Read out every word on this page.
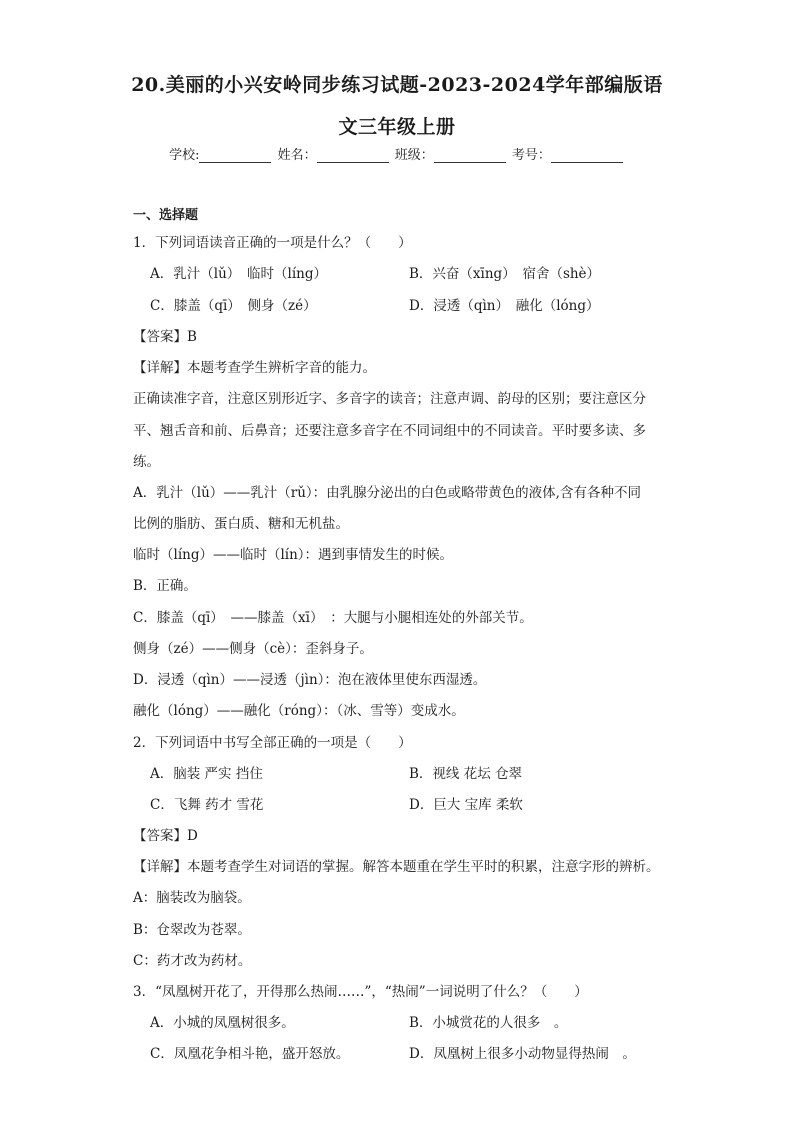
20.美丽的小兴安岭同步练习试题-2023-2024学年部编版语
文三年级上册
学校:	姓名：	班级：	考号：
一、选择题
1．下列词语读音正确的一项是什么？（　　）
A．乳汁（lǔ）　临时（líng）	B．兴奋（xīng）　宿舍（shè）
C．膝盖（qī）　侧身（zé）	D．浸透（qìn）　融化（lóng）
【答案】B
【详解】本题考查学生辨析字音的能力。
正确读准字音，注意区别形近字、多音字的读音；注意声调、韵母的区别；要注意区分
平、翘舌音和前、后鼻音；还要注意多音字在不同词组中的不同读音。平时要多读、多
练。
A．乳汁（lǔ）——乳汁（rǔ）：由乳腺分泌出的白色或略带黄色的液体,含有各种不同
比例的脂肪、蛋白质、糖和无机盐。
临时（líng）——临时（lín）：遇到事情发生的时候。
B．正确。
C．膝盖（qī）　——膝盖（xī）　：大腿与小腿相连处的外部关节。
侧身（zé）——侧身（cè）：歪斜身子。
D．浸透（qìn）——浸透（jìn）：泡在液体里使东西湿透。
融化（lóng）——融化（róng）：（冰、雪等）变成水。
2．下列词语中书写全部正确的一项是（　　）
A．脑装 严实 挡住	B．视线 花坛 仓翠
C．飞舞 药才 雪花	D．巨大 宝库 柔软
【答案】D
【详解】本题考查学生对词语的掌握。解答本题重在学生平时的积累，注意字形的辨析。
A：脑装改为脑袋。
B：仓翠改为苍翠。
C：药才改为药材。
3．“凤凰树开花了，开得那么热闹……”，“热闹”一词说明了什么？（　　）
A．小城的凤凰树很多。	B．小城赏花的人很多　。
C．凤凰花争相斗艳，盛开怒放。	D．凤凰树上很多小动物显得热闹　。
